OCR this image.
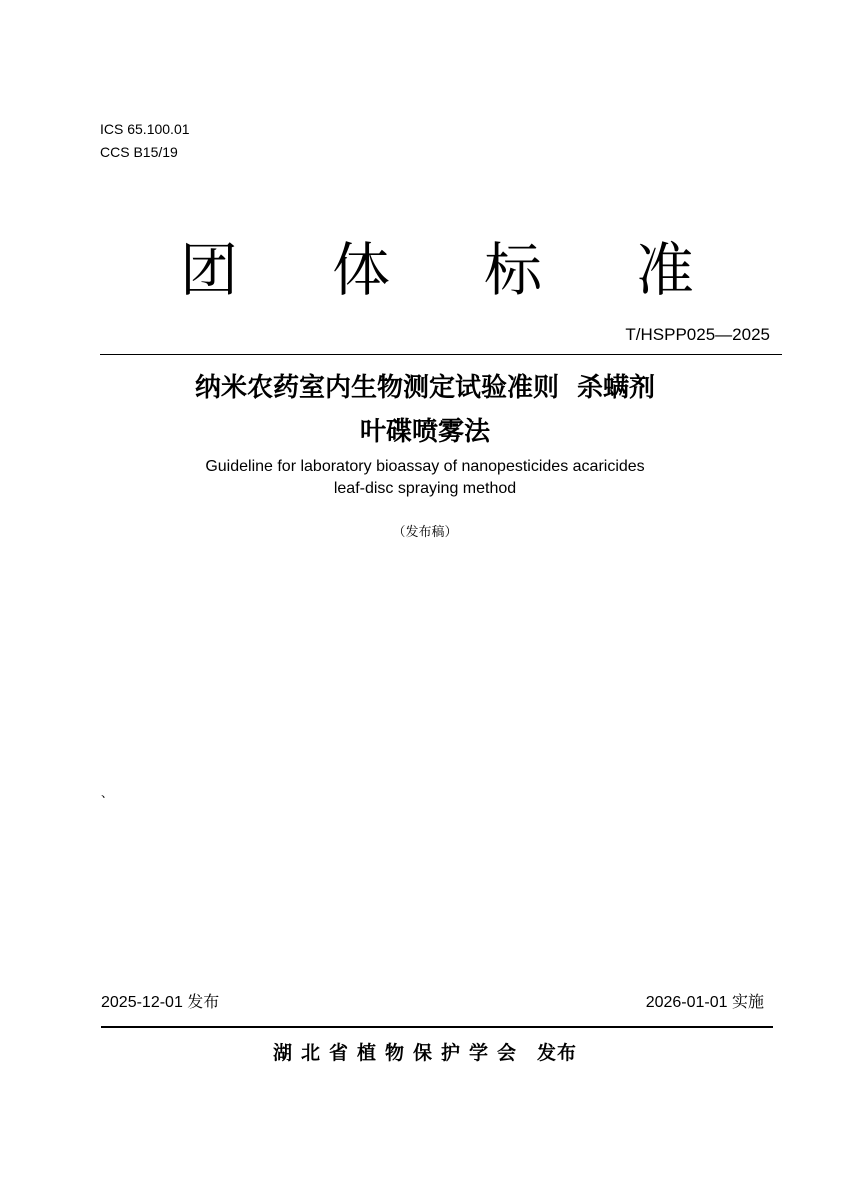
ICS 65.100.01
CCS B15/19
团 体 标 准
T/HSPP025—2025
纳米农药室内生物测定试验准则  杀螨剂
叶碟喷雾法
Guideline for laboratory bioassay of nanopesticides acaricides
leaf-disc spraying method
（发布稿）
、
2025-12-01 发布	2026-01-01 实施
湖北省植物保护学会 发布
